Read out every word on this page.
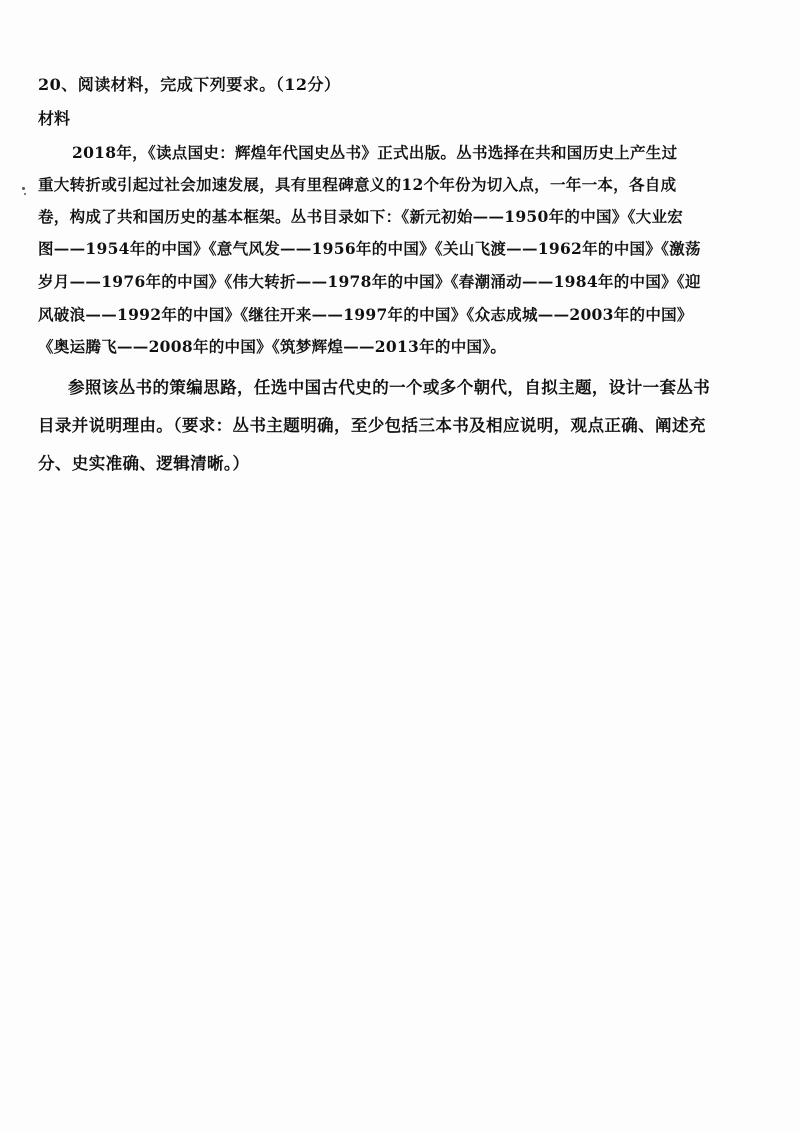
20、阅读材料，完成下列要求。（12分）
材料
2018年，《读点国史：辉煌年代国史丛书》正式出版。丛书选择在共和国历史上产生过
重大转折或引起过社会加速发展，具有里程碑意义的12个年份为切入点，一年一本，各自成
卷，构成了共和国历史的基本框架。丛书目录如下：《新元初始——1950年的中国》《大业宏
图——1954年的中国》《意气风发——1956年的中国》《关山飞渡——1962年的中国》《激荡
岁月——1976年的中国》《伟大转折——1978年的中国》《春潮涌动——1984年的中国》《迎
风破浪——1992年的中国》《继往开来——1997年的中国》《众志成城——2003年的中国》
《奥运腾飞——2008年的中国》《筑梦辉煌——2013年的中国》。
参照该丛书的策编思路，任选中国古代史的一个或多个朝代，自拟主题，设计一套丛书
目录并说明理由。（要求：丛书主题明确，至少包括三本书及相应说明，观点正确、阐述充
分、史实准确、逻辑清晰。）
